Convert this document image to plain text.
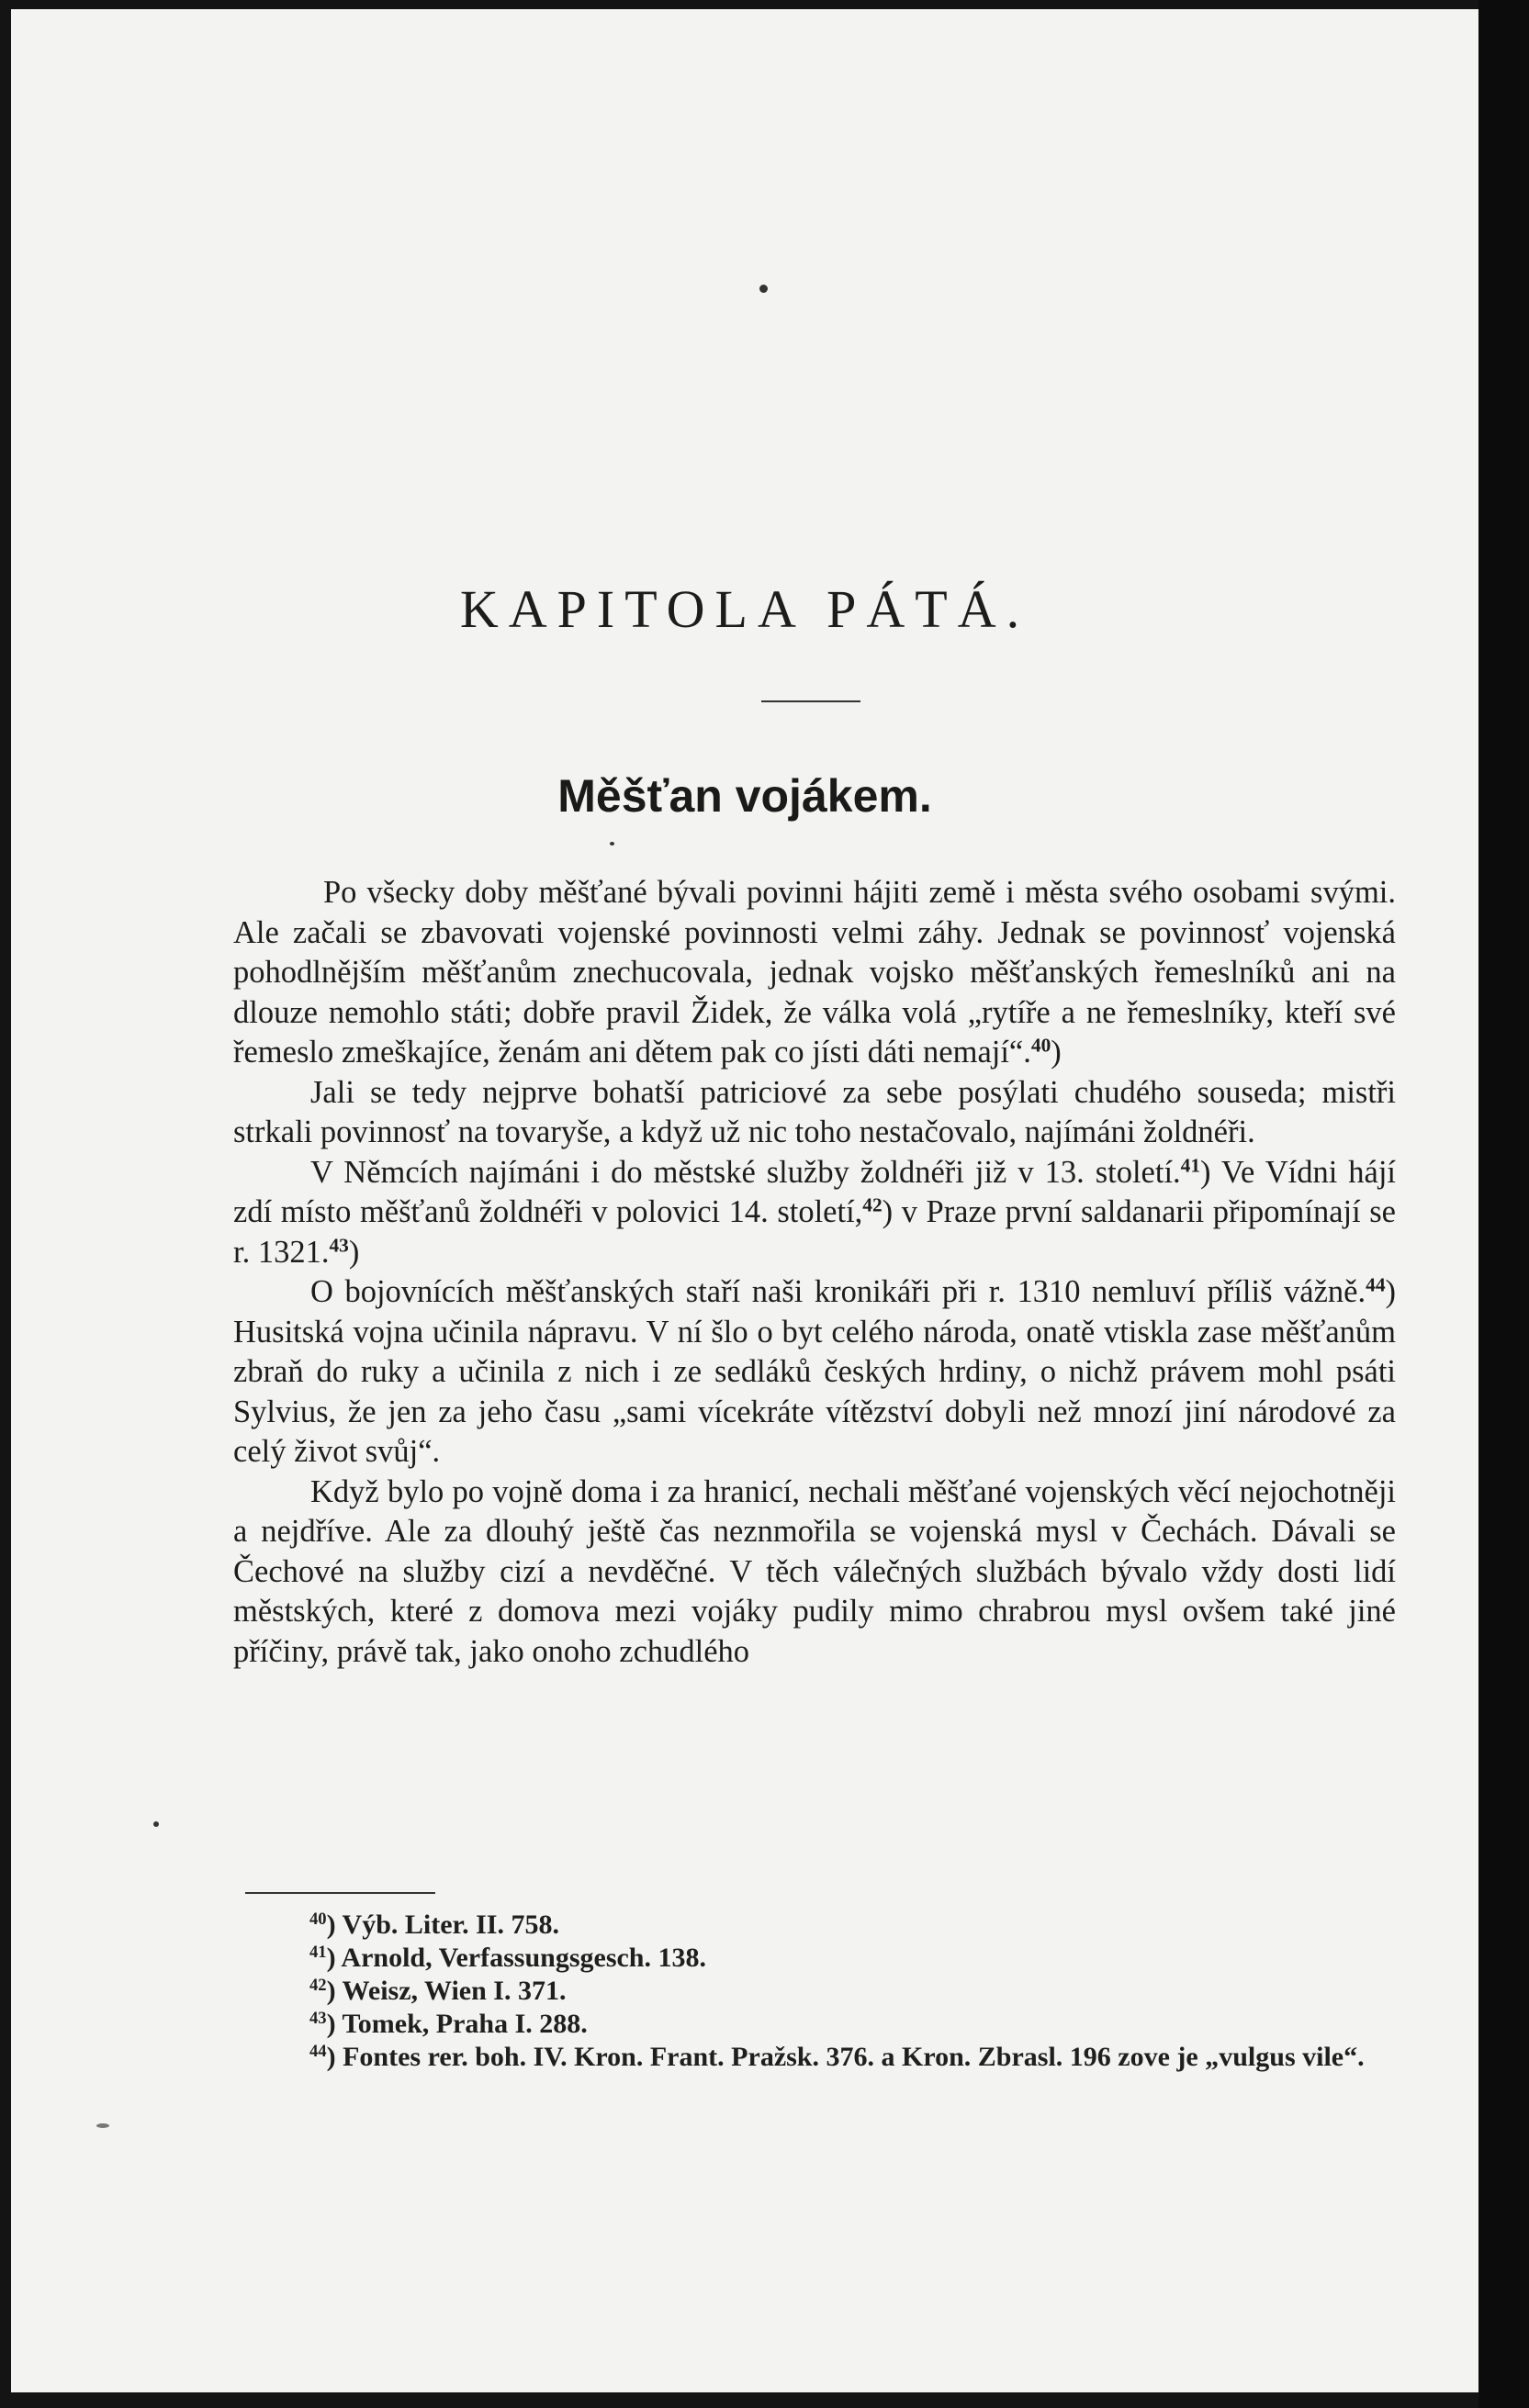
KAPITOLA PÁTÁ.
Měšťan vojákem.

Po všecky doby měšťané bývali povinni hájiti země i města svého osobami svými. Ale začali se zbavovati vojenské povinnosti velmi záhy. Jednak se povinnosť vojenská pohodlnějším měšťanům znechucovala, jednak vojsko měšťanských řemeslníků ani na dlouze nemohlo státi; dobře pravil Židek, že válka volá „rytíře a ne řemeslníky, kteří své řemeslo zmeškajíce, ženám ani dětem pak co jísti dáti nemají“.$^{40}$)

Jali se tedy nejprve bohatší patriciové za sebe posýlati chudého souseda; mistři strkali povinnosť na tovaryše, a když už nic toho nestačovalo, najímáni žoldnéři.

V Němcích najímáni i do městské služby žoldnéři již v 13. století.$^{41}$) Ve Vídni hájí zdí místo měšťanů žoldnéři v polovici 14. století,$^{42}$) v Praze první saldanarii připomínají se r. 1321.43)

O bojovnících měšťanských staří naši kronikáři při r. 1310 nemluví příliš vážně.$^{44}$) Husitská vojna učinila nápravu. V ní šlo o byt celého národa, onatě vtiskla zase měšťanům zbraň do ruky a učinila z nich i ze sedláků českých hrdiny, o nichž právem mohl psáti Sylvius, že jen za jeho času „sami vícekráte vítězství dobyli než mnozí jiní národové za celý život svůj“.

Když bylo po vojně doma i za hranicí, nechali měšťané vojenských věcí nejochotněji a nejdříve. Ale za dlouhý ještě čas neznmořila se vojenská mysl v Čechách. Dávali se Čechové na služby cizí a nevděčné. V těch válečných službách bývalo vždy dosti lidí městských, které z domova mezi vojáky pudily mimo chrabrou mysl ovšem také jiné příčiny, právě tak, jako onoho zchudlého

$^{40}$) Výb. Liter. II. 758.

$^{41}$) Arnold, Verfassungsgesch. 138.

$^{42}$) Weisz, Wien I. 371.

$^{43}$) Tomek, Praha I. 288.

$^{44}$) Fontes rer. boh. IV. Kron. Frant. Pražsk. 376. a Kron. Zbrasl. 196 zove je „vulgus vile“.
